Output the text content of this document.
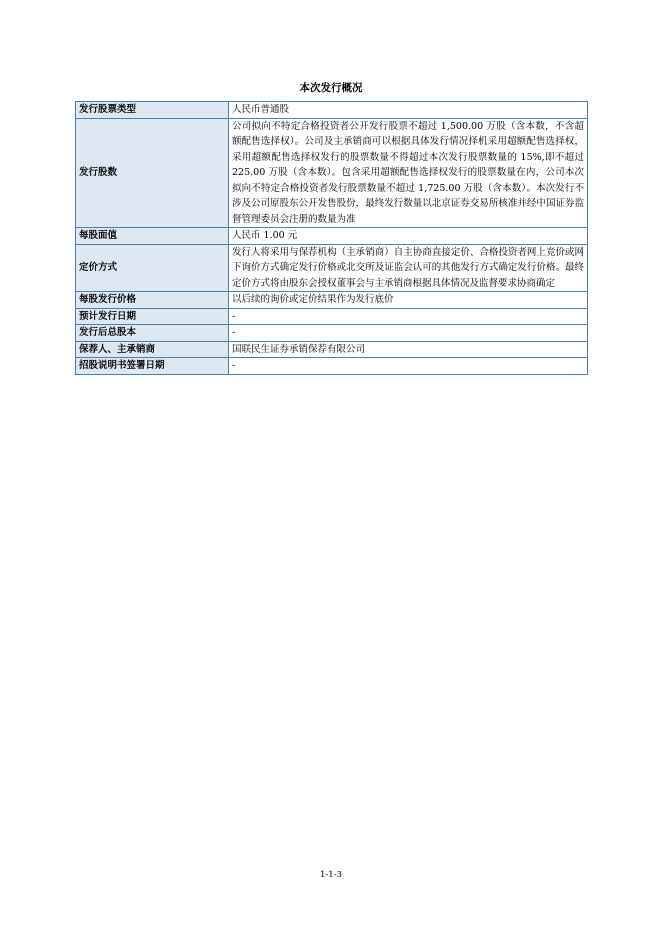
本次发行概况
发行股票类型	人民币普通股
发行股数	公司拟向不特定合格投资者公开发行股票不超过 1,500.00 万股（含本数，不含超额配售选择权）。公司及主承销商可以根据具体发行情况择机采用超额配售选择权，采用超额配售选择权发行的股票数量不得超过本次发行股票数量的 15%,即不超过 225.00 万股（含本数）。包含采用超额配售选择权发行的股票数量在内，公司本次拟向不特定合格投资者发行股票数量不超过 1,725.00 万股（含本数）。本次发行不涉及公司原股东公开发售股份，最终发行数量以北京证券交易所核准并经中国证券监督管理委员会注册的数量为准
每股面值	人民币 1.00 元
定价方式	发行人将采用与保荐机构（主承销商）自主协商直接定价、合格投资者网上竞价或网下询价方式确定发行价格或北交所及证监会认可的其他发行方式确定发行价格。最终定价方式将由股东会授权董事会与主承销商根据具体情况及监督要求协商确定
每股发行价格	以后续的询价或定价结果作为发行底价
预计发行日期	-
发行后总股本	-
保荐人、主承销商	国联民生证券承销保荐有限公司
招股说明书签署日期	-
1-1-3
